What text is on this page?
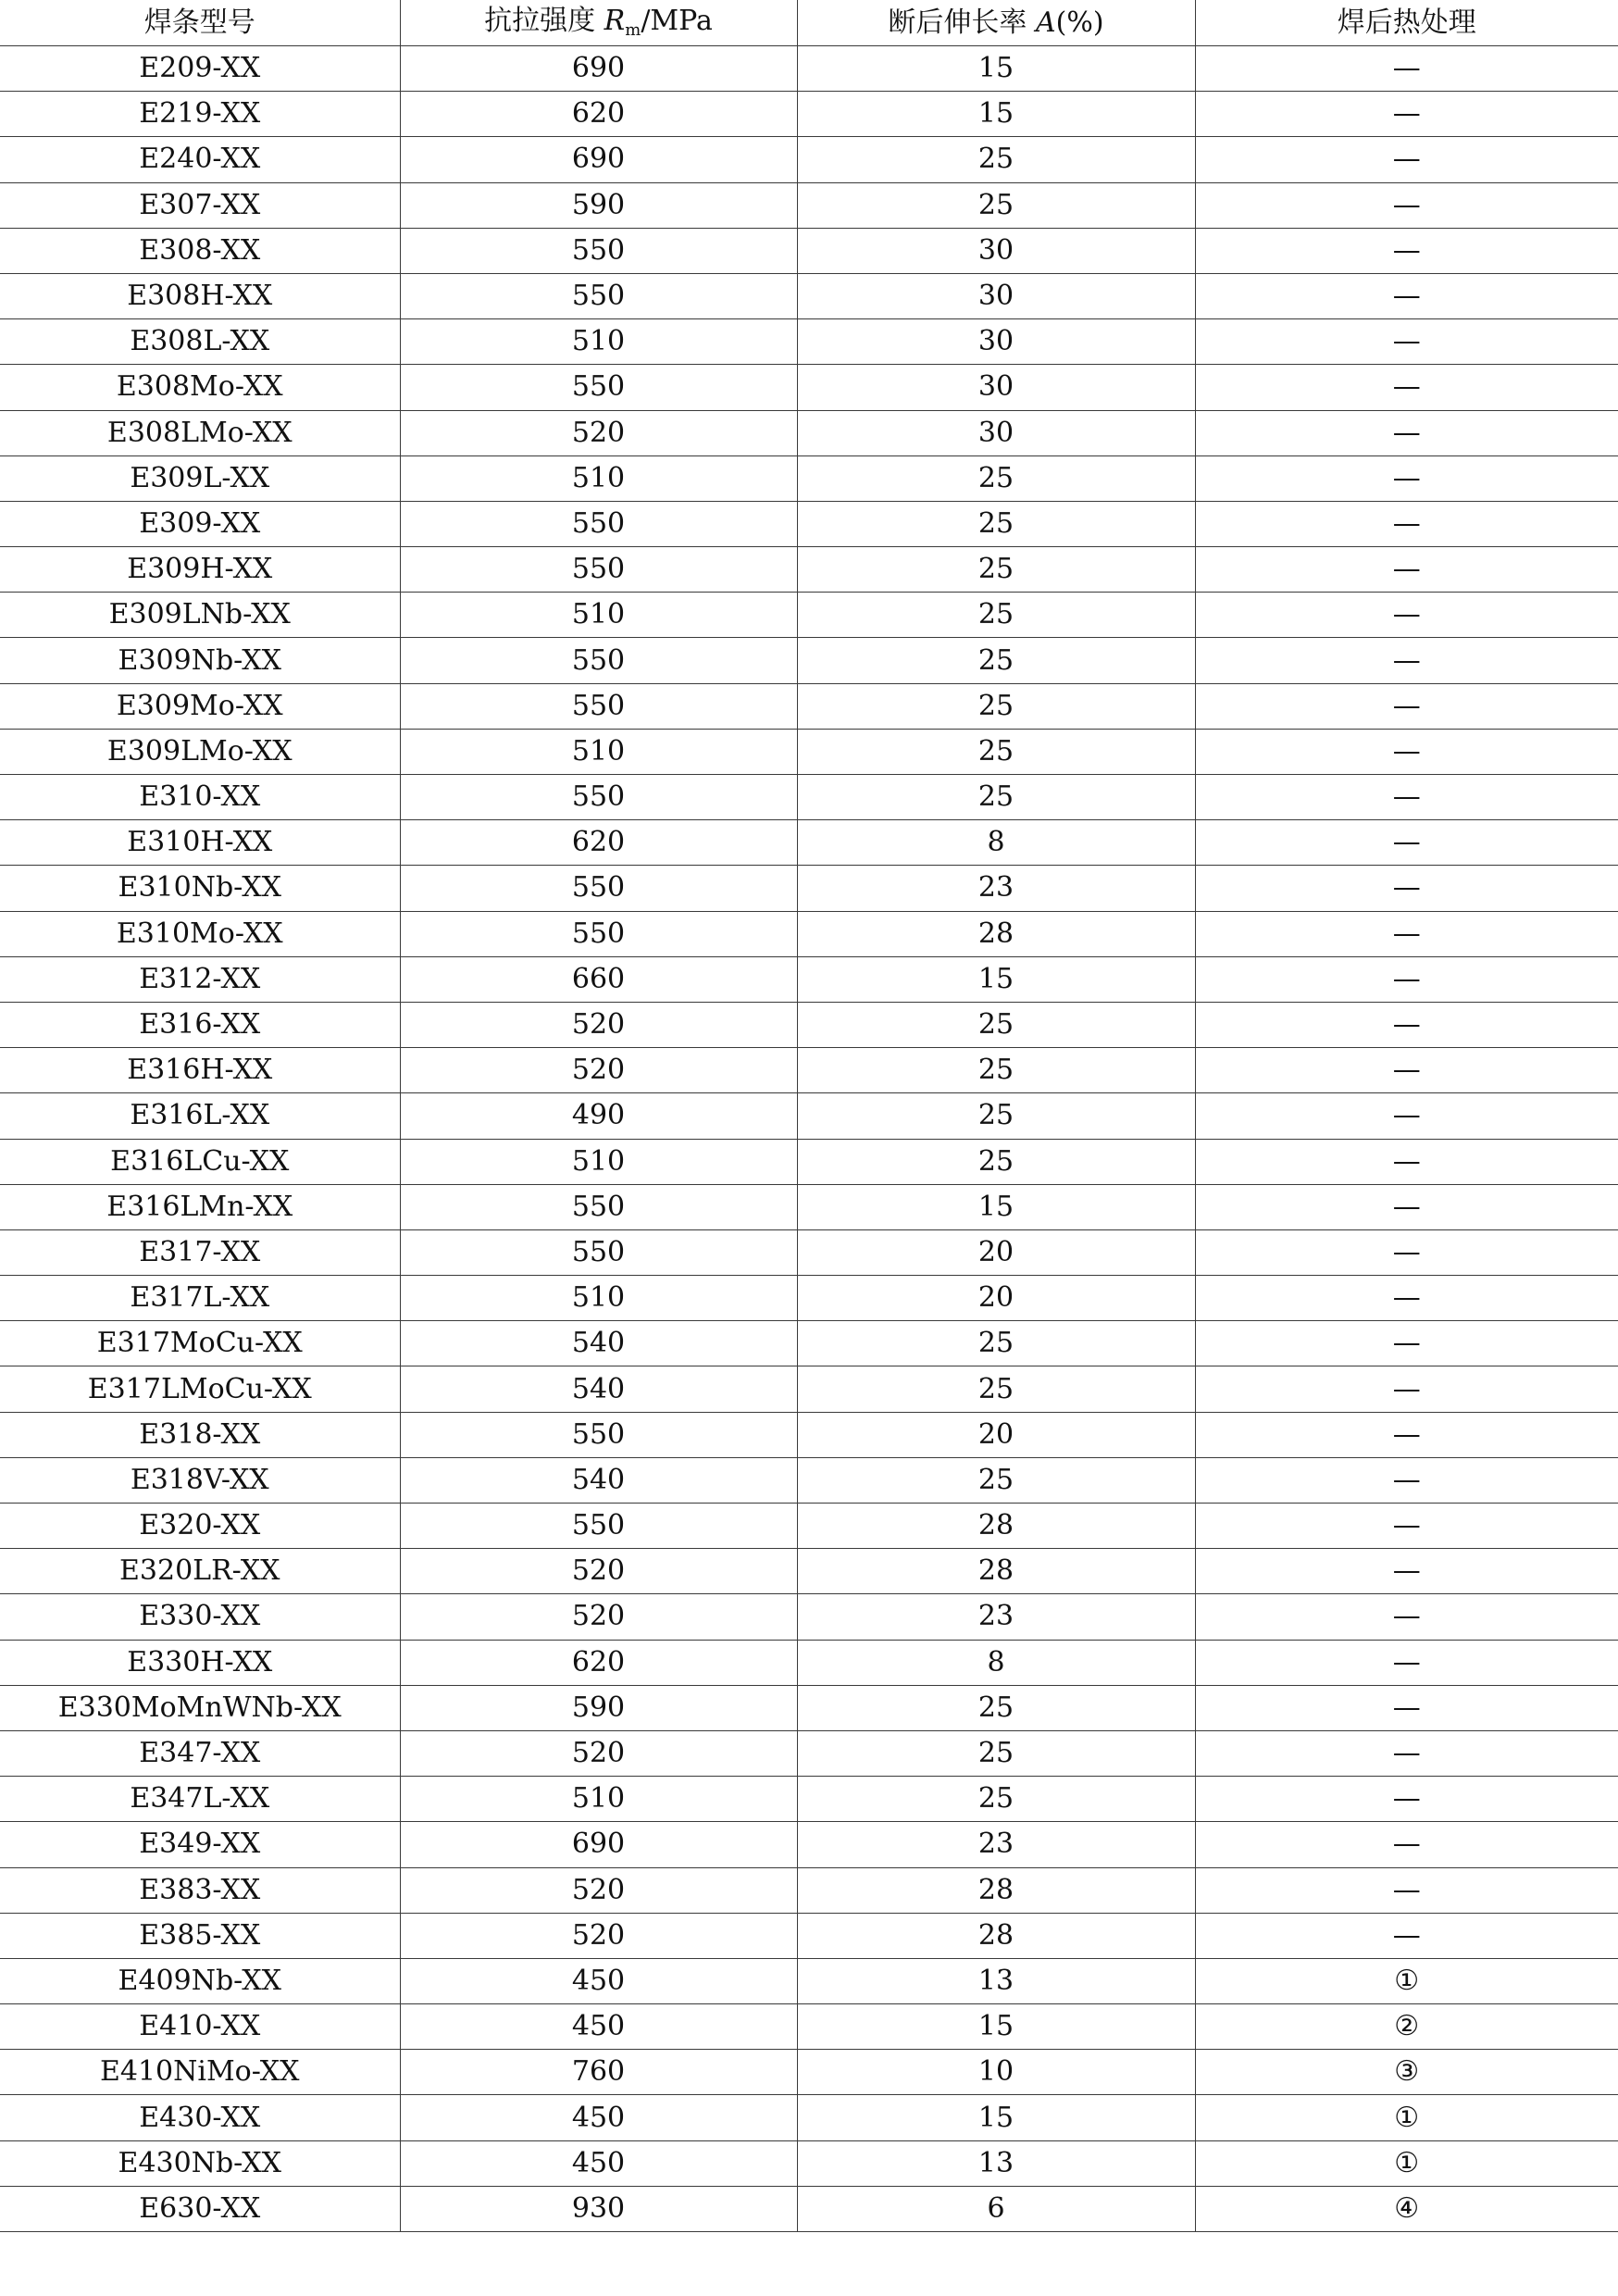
焊条型号	抗拉强度 $R_m$/MPa	断后伸长率 A(%)	焊后热处理
E209-XX	690	15	—
E219-XX	620	15	—
E240-XX	690	25	—
E307-XX	590	25	—
E308-XX	550	30	—
E308H-XX	550	30	—
E308L-XX	510	30	—
E308Mo-XX	550	30	—
E308LMo-XX	520	30	—
E309L-XX	510	25	—
E309-XX	550	25	—
E309H-XX	550	25	—
E309LNb-XX	510	25	—
E309Nb-XX	550	25	—
E309Mo-XX	550	25	—
E309LMo-XX	510	25	—
E310-XX	550	25	—
E310H-XX	620	8	—
E310Nb-XX	550	23	—
E310Mo-XX	550	28	—
E312-XX	660	15	—
E316-XX	520	25	—
E316H-XX	520	25	—
E316L-XX	490	25	—
E316LCu-XX	510	25	—
E316LMn-XX	550	15	—
E317-XX	550	20	—
E317L-XX	510	20	—
E317MoCu-XX	540	25	—
E317LMoCu-XX	540	25	—
E318-XX	550	20	—
E318V-XX	540	25	—
E320-XX	550	28	—
E320LR-XX	520	28	—
E330-XX	520	23	—
E330H-XX	620	8	—
E330MoMnWNb-XX	590	25	—
E347-XX	520	25	—
E347L-XX	510	25	—
E349-XX	690	23	—
E383-XX	520	28	—
E385-XX	520	28	—
E409Nb-XX	450	13	①
E410-XX	450	15	②
E410NiMo-XX	760	10	③
E430-XX	450	15	①
E430Nb-XX	450	13	①
E630-XX	930	6	④
